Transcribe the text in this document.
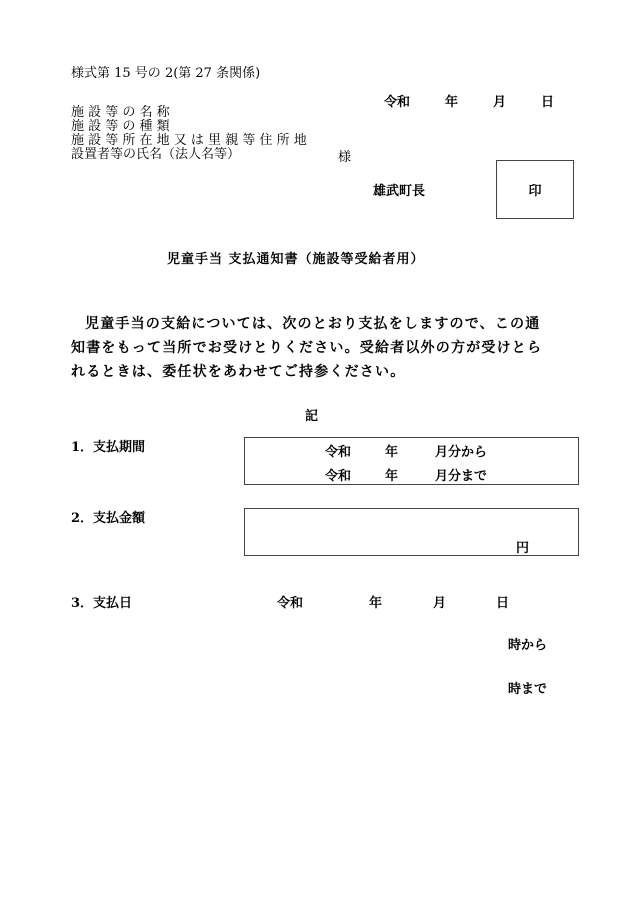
様式第 15 号の 2(第 27 条関係)
令和	年	月	日
施 設 等 の 名 称
施 設 等 の 種 類
施 設 等 所 在 地 又 は 里 親 等 住 所 地
設置者等の氏名（法人名等）	様
雄武町長	印
児童手当 支払通知書（施設等受給者用）
児童手当の支給については、次のとおり支払をしますので、この通
知書をもって当所でお受けとりください。受給者以外の方が受けとら
れるときは、委任状をあわせてご持参ください。
記
1．支払期間	令和	年	月分から
令和	年	月分まで
2．支払金額
円
3．支払日	令和	年	月	日
時から
時まで
